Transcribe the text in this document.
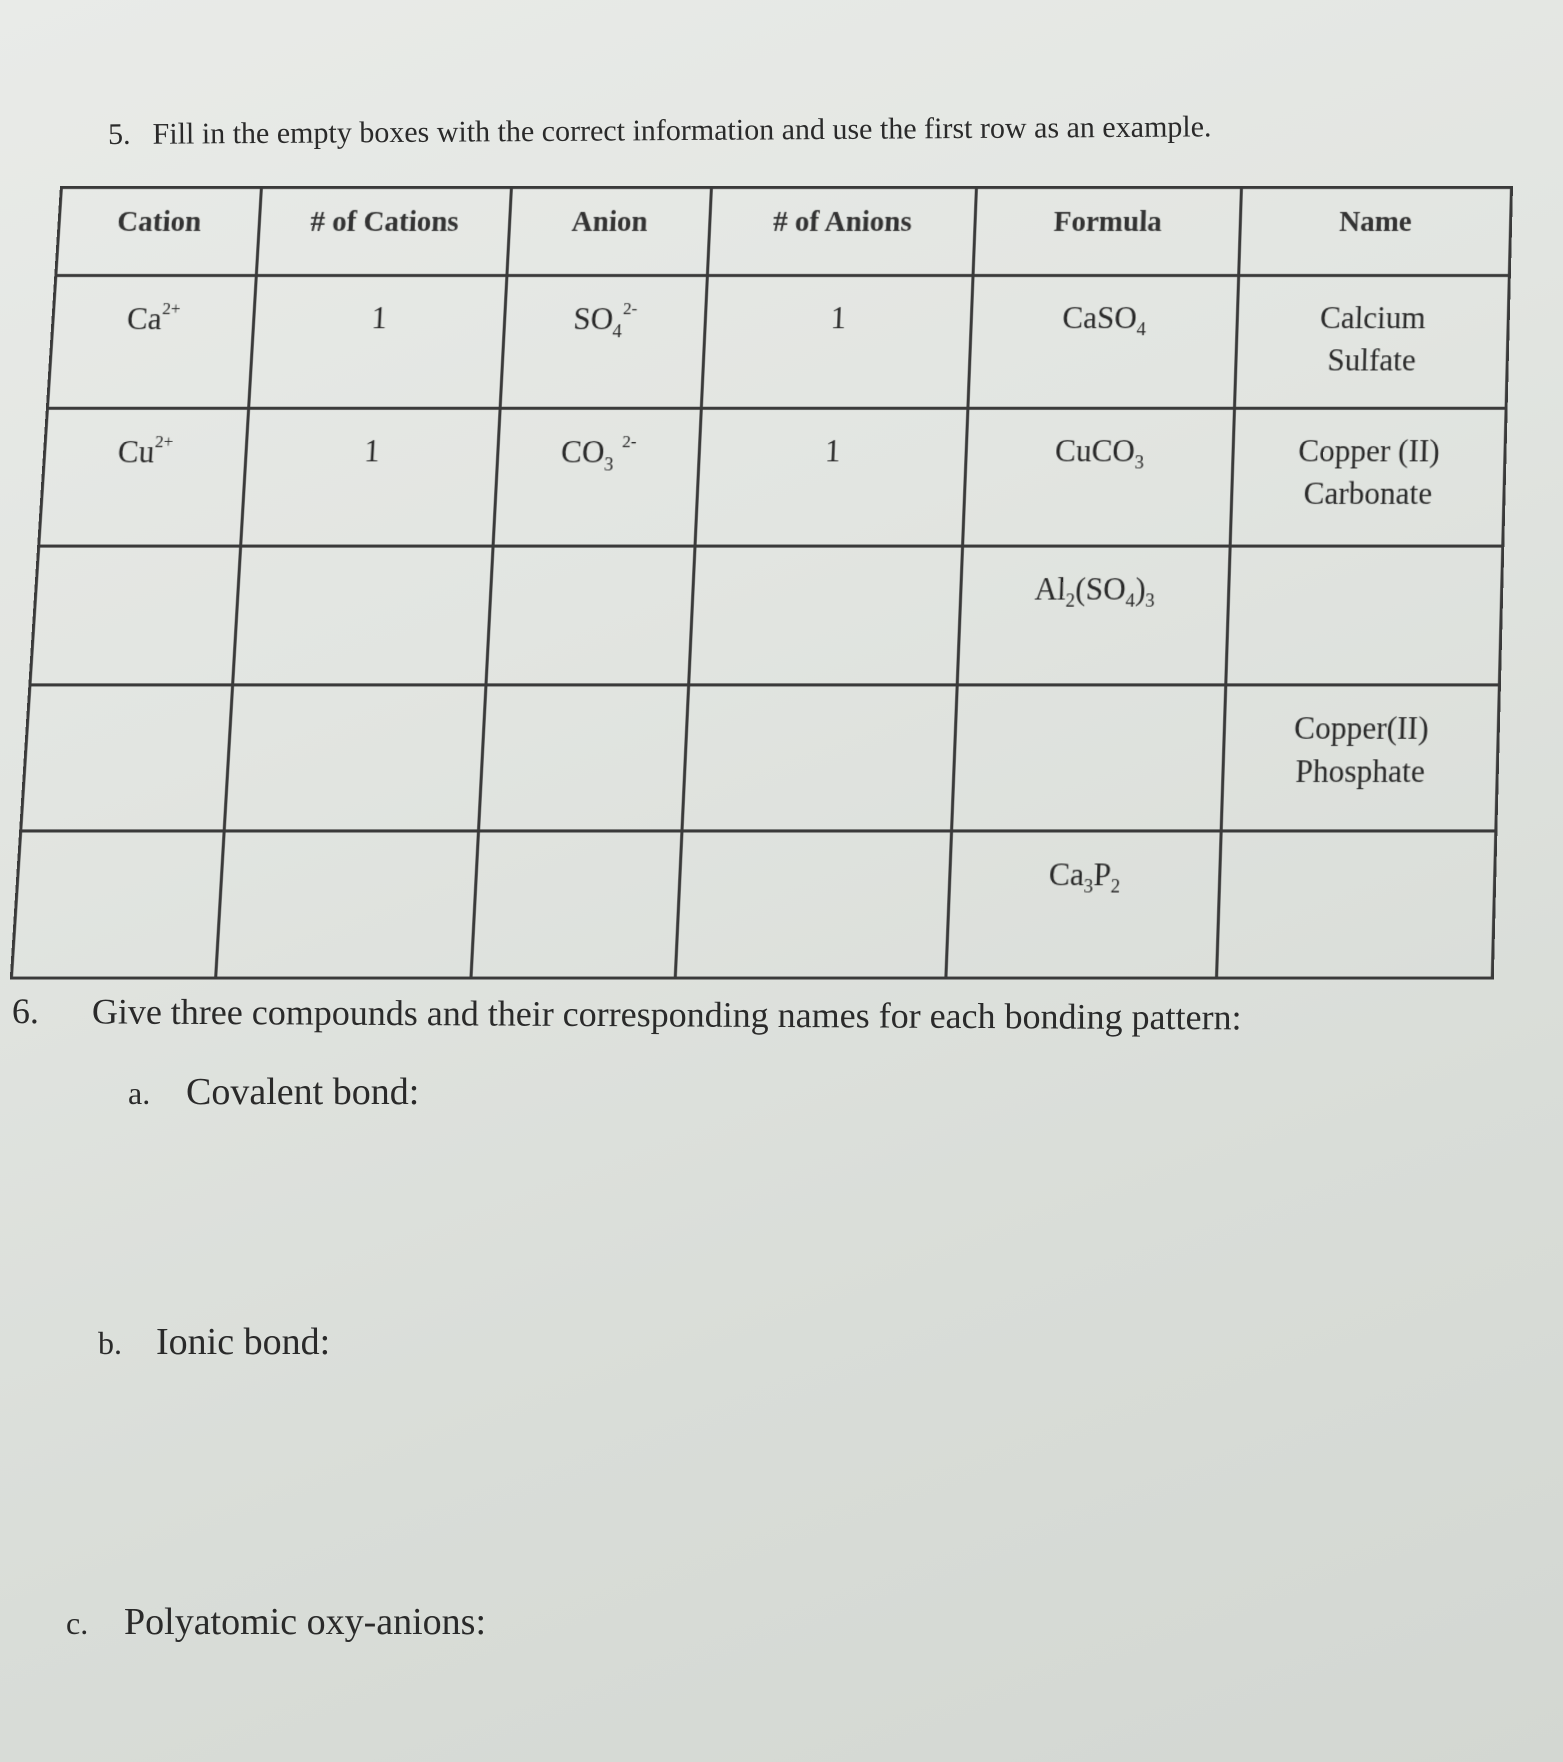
5. Fill in the empty boxes with the correct information and use the first row as an example.
Cation	# of Cations	Anion	# of Anions	Formula	Name
$Ca^{2+}$	1	$SO_4^{2-}$	1	CaSO$_4$	Calcium
Sulfate
$Cu^{2+}$	1	$CO_3$ $^{2-}$	1	CuCO$_3$	Copper (II)
Carbonate
				$Al_2(SO_4)_3$	
					Copper(II)
Phosphate
				$Ca_3P_2$	
6. Give three compounds and their corresponding names for each bonding pattern:
a. Covalent bond:
b. Ionic bond:
c. Polyatomic oxy-anions:
